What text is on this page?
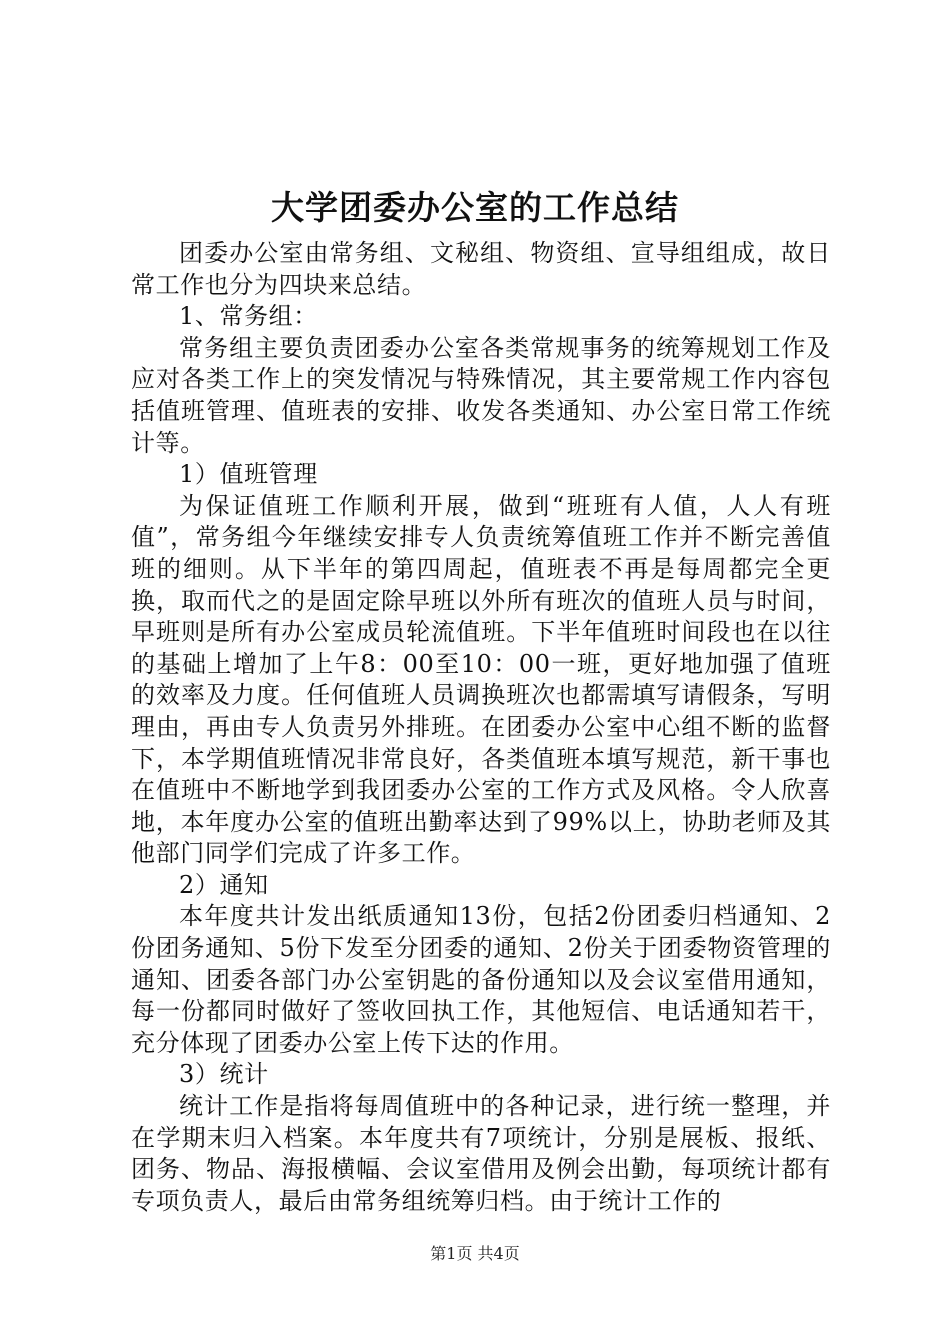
大学团委办公室的工作总结

团委办公室由常务组、文秘组、物资组、宣导组组成，故日常工作也分为四块来总结。

1、常务组：

常务组主要负责团委办公室各类常规事务的统筹规划工作及应对各类工作上的突发情况与特殊情况，其主要常规工作内容包括值班管理、值班表的安排、收发各类通知、办公室日常工作统计等。

1）值班管理

为保证值班工作顺利开展，做到“班班有人值，人人有班值”，常务组今年继续安排专人负责统筹值班工作并不断完善值班的细则。从下半年的第四周起，值班表不再是每周都完全更换，取而代之的是固定除早班以外所有班次的值班人员与时间，早班则是所有办公室成员轮流值班。下半年值班时间段也在以往的基础上增加了上午8：00至10：00一班，更好地加强了值班的效率及力度。任何值班人员调换班次也都需填写请假条，写明理由，再由专人负责另外排班。在团委办公室中心组不断的监督下，本学期值班情况非常良好，各类值班本填写规范，新干事也在值班中不断地学到我团委办公室的工作方式及风格。令人欣喜地，本年度办公室的值班出勤率达到了99%以上，协助老师及其他部门同学们完成了许多工作。

2）通知

本年度共计发出纸质通知13份，包括2份团委归档通知、2份团务通知、5份下发至分团委的通知、2份关于团委物资管理的通知、团委各部门办公室钥匙的备份通知以及会议室借用通知，每一份都同时做好了签收回执工作，其他短信、电话通知若干，充分体现了团委办公室上传下达的作用。

3）统计

统计工作是指将每周值班中的各种记录，进行统一整理，并在学期末归入档案。本年度共有7项统计，分别是展板、报纸、团务、物品、海报横幅、会议室借用及例会出勤，每项统计都有专项负责人，最后由常务组统筹归档。由于统计工作的

第1页 共4页
